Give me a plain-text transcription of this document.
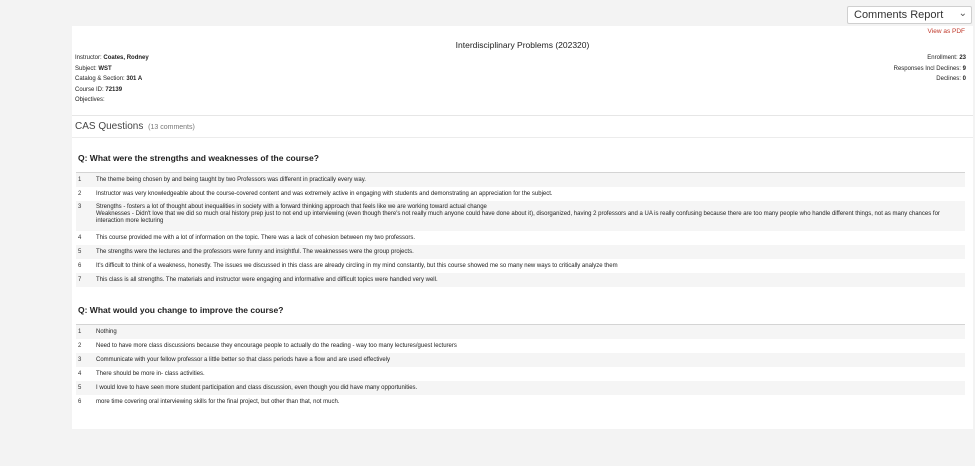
Comments Report ⌄
View as PDF
Interdisciplinary Problems (202320)
Instructor: Coates, Rodney
Subject: WST
Catalog & Section: 301 A
Course ID: 72139
Objectives:
Enrollment: 23
Responses Incl Declines: 9
Declines: 0
CAS Questions (13 comments)
Q: What were the strengths and weaknesses of the course?
1	The theme being chosen by and being taught by two Professors was different in practically every way.
2	Instructor was very knowledgeable about the course-covered content and was extremely active in engaging with students and demonstrating an appreciation for the subject.
3	Strengths - fosters a lot of thought about inequalities in society with a forward thinking approach that feels like we are working toward actual change
Weaknesses - Didn't love that we did so much oral history prep just to not end up interviewing (even though there's not really much anyone could have done about it), disorganized, having 2 professors and a UA is really confusing because there are too many people who handle different things, not as many chances for interaction more lecturing
4	This course provided me with a lot of information on the topic. There was a lack of cohesion between my two professors.
5	The strengths were the lectures and the professors were funny and insightful. The weaknesses were the group projects.
6	It's difficult to think of a weakness, honestly. The issues we discussed in this class are already circling in my mind constantly, but this course showed me so many new ways to critically analyze them
7	This class is all strengths. The materials and instructor were engaging and informative and difficult topics were handled very well.
Q: What would you change to improve the course?
1	Nothing
2	Need to have more class discussions because they encourage people to actually do the reading - way too many lectures/guest lecturers
3	Communicate with your fellow professor a little better so that class periods have a flow and are used effectively
4	There should be more in- class activities.
5	I would love to have seen more student participation and class discussion, even though you did have many opportunities.
6	more time covering oral interviewing skills for the final project, but other than that, not much.
